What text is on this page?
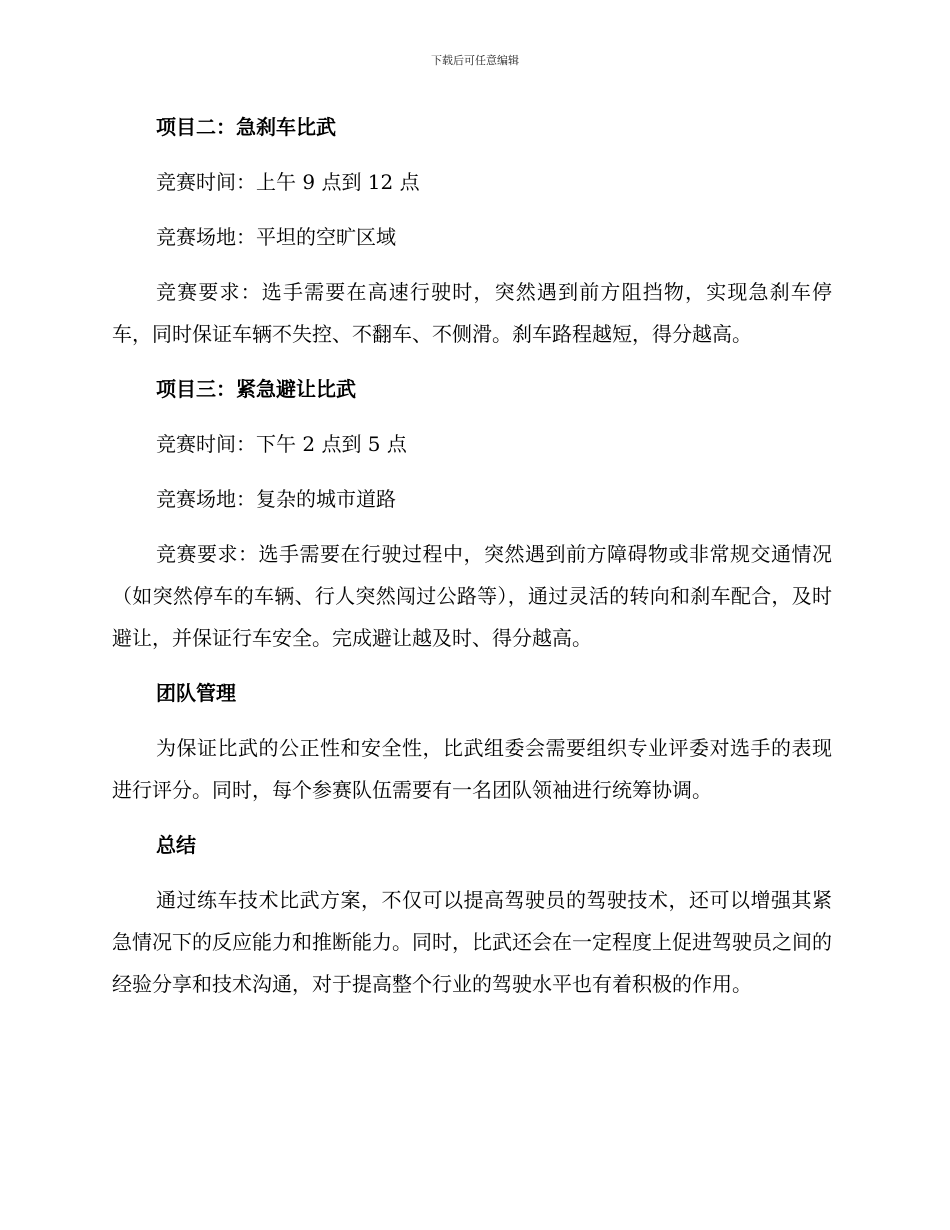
下载后可任意编辑
项目二：急刹车比武

竞赛时间：上午 9 点到 12 点

竞赛场地：平坦的空旷区域

竞赛要求：选手需要在高速行驶时，突然遇到前方阻挡物，实现急刹车停车，同时保证车辆不失控、不翻车、不侧滑。刹车路程越短，得分越高。

项目三：紧急避让比武

竞赛时间：下午 2 点到 5 点

竞赛场地：复杂的城市道路

竞赛要求：选手需要在行驶过程中，突然遇到前方障碍物或非常规交通情况（如突然停车的车辆、行人突然闯过公路等），通过灵活的转向和刹车配合，及时避让，并保证行车安全。完成避让越及时、得分越高。

团队管理

为保证比武的公正性和安全性，比武组委会需要组织专业评委对选手的表现进行评分。同时，每个参赛队伍需要有一名团队领袖进行统筹协调。

总结

通过练车技术比武方案，不仅可以提高驾驶员的驾驶技术，还可以增强其紧急情况下的反应能力和推断能力。同时，比武还会在一定程度上促进驾驶员之间的经验分享和技术沟通，对于提高整个行业的驾驶水平也有着积极的作用。
